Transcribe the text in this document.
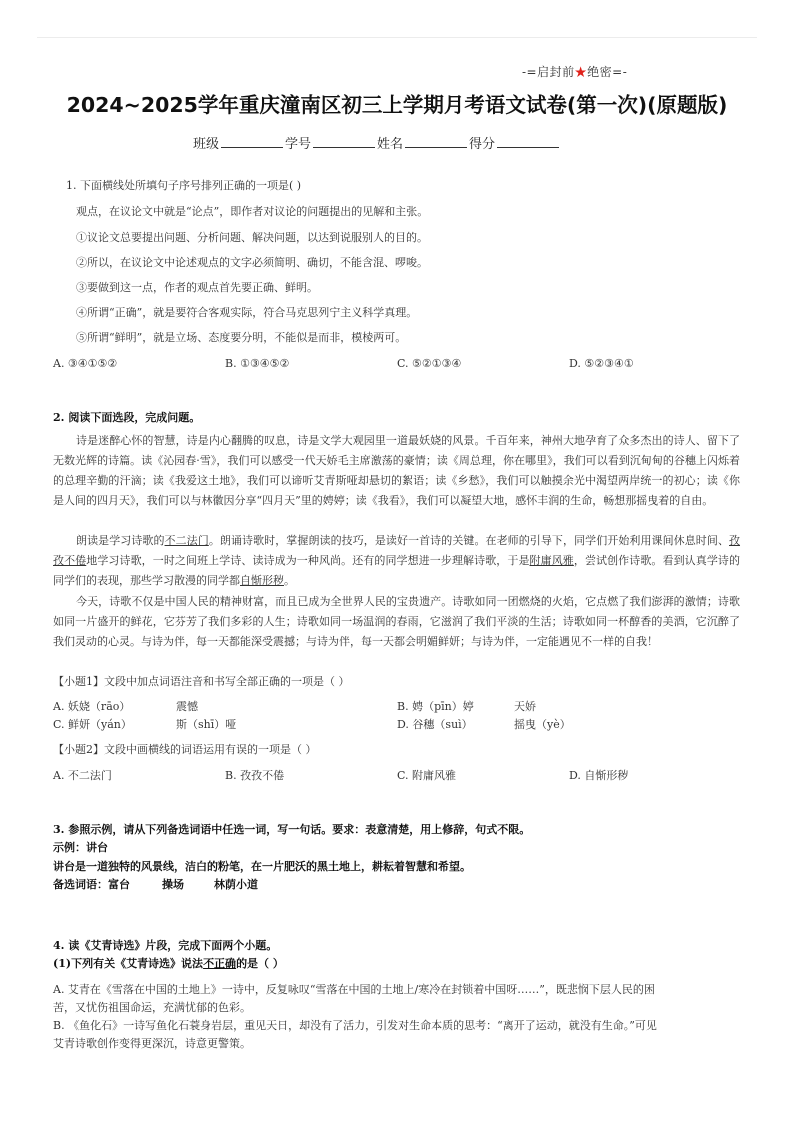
-=启封前★绝密=-
2024~2025学年重庆潼南区初三上学期月考语文试卷(第一次)(原题版)
班级	学号	姓名	得分
1. 下面横线处所填句子序号排列正确的一项是( )
观点，在议论文中就是“论点”，即作者对议论的问题提出的见解和主张。
①议论文总要提出问题、分析问题、解决问题，以达到说服别人的目的。
②所以，在议论文中论述观点的文字必须简明、确切，不能含混、啰唆。
③要做到这一点，作者的观点首先要正确、鲜明。
④所谓“正确”，就是要符合客观实际，符合马克思列宁主义科学真理。
⑤所谓“鲜明”，就是立场、态度要分明，不能似是而非，模棱两可。
A. ③④①⑤②	B. ①③④⑤②	C. ⑤②①③④	D. ⑤②③④①
2. 阅读下面选段，完成问题。
诗是迷醉心怀的智慧，诗是内心翻腾的叹息，诗是文学大观园里一道最妖娆的风景。千百年来，神州大地孕育了众多杰出的诗人、留下了无数光辉的诗篇。读《沁园春·雪》，我们可以感受一代天娇毛主席激荡的豪情；读《周总理，你在哪里》，我们可以看到沉甸甸的谷穗上闪烁着的总理辛勤的汗滴；读《我爱这土地》，我们可以谛听艾青斯哑却悬切的絮语；读《乡愁》，我们可以触摸余光中渴望两岸统一的初心；读《你是人间的四月天》，我们可以与林徽因分享“四月天”里的娉婷；读《我看》，我们可以凝望大地，感怀丰润的生命，畅想那摇曳着的自由。
朗读是学习诗歌的不二法门。朗诵诗歌时，掌握朗读的技巧，是读好一首诗的关键。在老师的引导下，同学们开始利用课间休息时间、孜孜不倦地学习诗歌，一时之间班上学诗、读诗成为一种风尚。还有的同学想进一步理解诗歌，于是附庸风雅，尝试创作诗歌。看到认真学诗的同学们的表现，那些学习散漫的同学都自惭形秽。
今天，诗歌不仅是中国人民的精神财富，而且已成为全世界人民的宝贵遗产。诗歌如同一团燃烧的火焰，它点燃了我们澎湃的激情；诗歌如同一片盛开的鲜花，它芬芳了我们多彩的人生；诗歌如同一场温润的春雨，它滋润了我们平淡的生活；诗歌如同一杯醇香的美酒，它沉醉了我们灵动的心灵。与诗为伴，每一天都能深受震撼；与诗为伴，每一天都会明媚鲜妍；与诗为伴，一定能遇见不一样的自我！
【小题1】文段中加点词语注音和书写全部正确的一项是（ ）
A. 妖娆（rāo）	震憾	B. 娉（pīn）婷	天娇
C. 鲜妍（yán）	斯（shī）哑	D. 谷穗（suì）	摇曳（yè）
【小题2】文段中画横线的词语运用有误的一项是（ ）
A. 不二法门	B. 孜孜不倦	C. 附庸风雅	D. 自惭形秽
3. 参照示例，请从下列备选词语中任选一词，写一句话。要求：表意清楚，用上修辞，句式不限。
示例：讲台
讲台是一道独特的风景线，洁白的粉笔，在一片肥沃的黑土地上，耕耘着智慧和希望。
备选词语：富台	操场	林荫小道
4. 读《艾青诗选》片段，完成下面两个小题。
(1)下列有关《艾青诗选》说法不正确的是（ ）
A. 艾青在《雪落在中国的土地上》一诗中，反复咏叹“雪落在中国的土地上/寒冷在封锁着中国呀……”，既悲悯下层人民的困
苦，又忧伤祖国命运，充满忧郁的色彩。
B. 《鱼化石》一诗写鱼化石蓑身岩层，重见天日，却没有了活力，引发对生命本质的思考：“离开了运动，就没有生命。”可见
艾青诗歌创作变得更深沉，诗意更警策。
